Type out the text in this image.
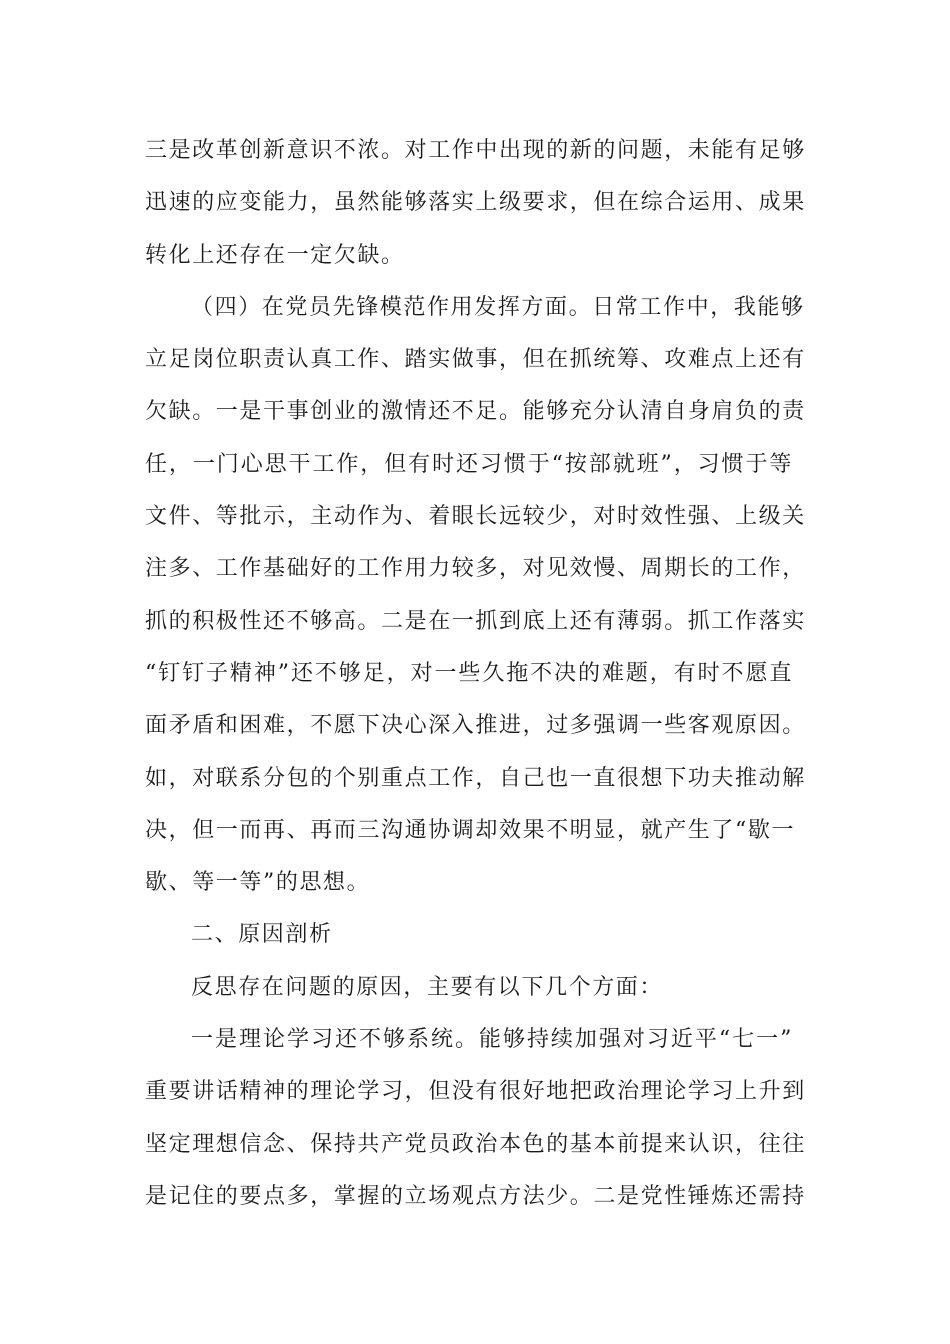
三是改革创新意识不浓。对工作中出现的新的问题，未能有足够
迅速的应变能力，虽然能够落实上级要求，但在综合运用、成果
转化上还存在一定欠缺。
（四）在党员先锋模范作用发挥方面。日常工作中，我能够
立足岗位职责认真工作、踏实做事，但在抓统筹、攻难点上还有
欠缺。一是干事创业的激情还不足。能够充分认清自身肩负的责
任，一门心思干工作，但有时还习惯于“按部就班”，习惯于等
文件、等批示，主动作为、着眼长远较少，对时效性强、上级关
注多、工作基础好的工作用力较多，对见效慢、周期长的工作，
抓的积极性还不够高。二是在一抓到底上还有薄弱。抓工作落实
“钉钉子精神”还不够足，对一些久拖不决的难题，有时不愿直
面矛盾和困难，不愿下决心深入推进，过多强调一些客观原因。
如，对联系分包的个别重点工作，自己也一直很想下功夫推动解
决，但一而再、再而三沟通协调却效果不明显，就产生了“歇一
歇、等一等”的思想。
二、原因剖析
反思存在问题的原因，主要有以下几个方面：
一是理论学习还不够系统。能够持续加强对习近平“七一”
重要讲话精神的理论学习，但没有很好地把政治理论学习上升到
坚定理想信念、保持共产党员政治本色的基本前提来认识，往往
是记住的要点多，掌握的立场观点方法少。二是党性锤炼还需持
